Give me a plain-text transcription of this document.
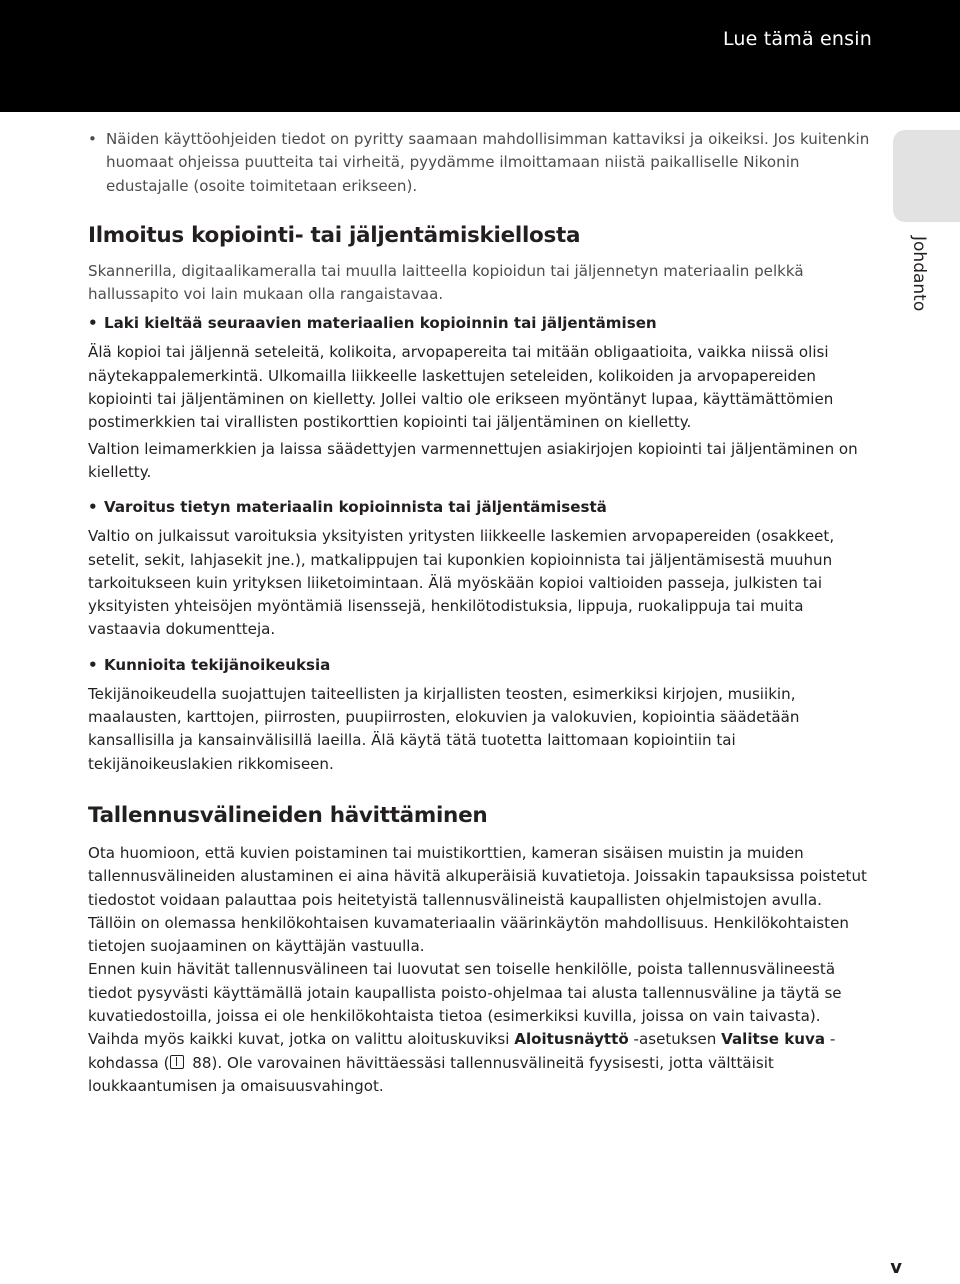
Lue tämä ensin
Johdanto

• Näiden käyttöohjeiden tiedot on pyritty saamaan mahdollisimman kattaviksi ja oikeiksi. Jos kuitenkin huomaat ohjeissa puutteita tai virheitä, pyydämme ilmoittamaan niistä paikalliselle Nikonin edustajalle (osoite toimitetaan erikseen).

Ilmoitus kopiointi- tai jäljentämiskiellosta

Skannerilla, digitaalikameralla tai muulla laitteella kopioidun tai jäljennetyn materiaalin pelkkä hallussapito voi lain mukaan olla rangaistavaa.

• Laki kieltää seuraavien materiaalien kopioinnin tai jäljentämisen

Älä kopioi tai jäljennä seteleitä, kolikoita, arvopapereita tai mitään obligaatioita, vaikka niissä olisi näytekappalemerkintä. Ulkomailla liikkeelle laskettujen seteleiden, kolikoiden ja arvopapereiden kopiointi tai jäljentäminen on kielletty. Jollei valtio ole erikseen myöntänyt lupaa, käyttämättömien postimerkkien tai virallisten postikorttien kopiointi tai jäljentäminen on kielletty.

Valtion leimamerkkien ja laissa säädettyjen varmennettujen asiakirjojen kopiointi tai jäljentäminen on kielletty.

• Varoitus tietyn materiaalin kopioinnista tai jäljentämisestä

Valtio on julkaissut varoituksia yksityisten yritysten liikkeelle laskemien arvopapereiden (osakkeet, setelit, sekit, lahjasekit jne.), matkalippujen tai kuponkien kopioinnista tai jäljentämisestä muuhun tarkoitukseen kuin yrityksen liiketoimintaan. Älä myöskään kopioi valtioiden passeja, julkisten tai yksityisten yhteisöjen myöntämiä lisenssejä, henkilötodistuksia, lippuja, ruokalippuja tai muita vastaavia dokumentteja.

• Kunnioita tekijänoikeuksia

Tekijänoikeudella suojattujen taiteellisten ja kirjallisten teosten, esimerkiksi kirjojen, musiikin, maalausten, karttojen, piirrosten, puupiirrosten, elokuvien ja valokuvien, kopiointia säädetään kansallisilla ja kansainvälisillä laeilla. Älä käytä tätä tuotetta laittomaan kopiointiin tai tekijänoikeuslakien rikkomiseen.

Tallennusvälineiden hävittäminen

Ota huomioon, että kuvien poistaminen tai muistikorttien, kameran sisäisen muistin ja muiden tallennusvälineiden alustaminen ei aina hävitä alkuperäisiä kuvatietoja. Joissakin tapauksissa poistetut tiedostot voidaan palauttaa pois heitetyistä tallennusvälineistä kaupallisten ohjelmistojen avulla. Tällöin on olemassa henkilökohtaisen kuvamateriaalin väärinkäytön mahdollisuus. Henkilökohtaisten tietojen suojaaminen on käyttäjän vastuulla.

Ennen kuin hävität tallennusvälineen tai luovutat sen toiselle henkilölle, poista tallennusvälineestä tiedot pysyvästi käyttämällä jotain kaupallista poisto-ohjelmaa tai alusta tallennusväline ja täytä se kuvatiedostoilla, joissa ei ole henkilökohtaista tietoa (esimerkiksi kuvilla, joissa on vain taivasta). Vaihda myös kaikki kuvat, jotka on valittu aloituskuviksi Aloitusnäyttö -asetuksen Valitse kuva -kohdassa ( 88). Ole varovainen hävittäessäsi tallennusvälineitä fyysisesti, jotta välttäisit loukkaantumisen ja omaisuusvahingot.

v
